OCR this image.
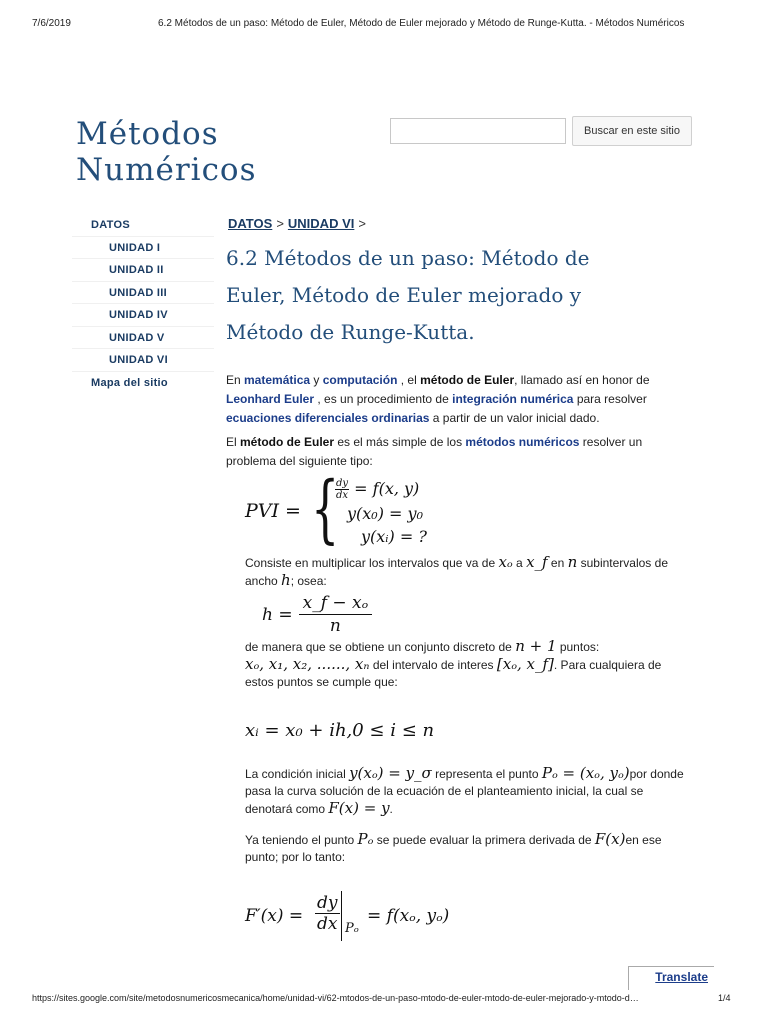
7/6/2019	6.2 Métodos de un paso: Método de Euler, Método de Euler mejorado y Método de Runge-Kutta. - Métodos Numéricos
Métodos
Numéricos
Buscar en este sitio
DATOS
UNIDAD I
UNIDAD II
UNIDAD III
UNIDAD IV
UNIDAD V
UNIDAD VI
Mapa del sitio
DATOS > UNIDAD VI >
6.2 Métodos de un paso: Método de Euler, Método de Euler mejorado y Método de Runge-Kutta.

En matemática y computación , el método de Euler, llamado así en honor de Leonhard Euler , es un procedimiento de integración numérica para resolver ecuaciones diferenciales ordinarias a partir de un valor inicial dado.

El método de Euler es el más simple de los métodos numéricos resolver un problema del siguiente tipo:

PVI = {
$\frac{dy}{dx} = f(x$, y)
y(x₀) = y₀
y(xᵢ) = ?

Consiste en multiplicar los intervalos que va de xₒ a x_f en n subintervalos de ancho h; osea:

$h = \frac{\text{x\_f − xₒ}}{n}$

de manera que se obtiene un conjunto discreto de n + 1 puntos:
xₒ, x₁, x₂, ......, xₙ del intervalo de interes [xₒ, x_f]. Para cualquiera de estos puntos se cumple que:

xᵢ = x₀ + ih,0 ≤ i ≤ n

La condición inicial y(xₒ) = y_σ representa el punto Pₒ = (xₒ, yₒ)por donde pasa la curva solución de la ecuación de el planteamiento inicial, la cual se denotará como F(x) = y.

Ya teniendo el punto Pₒ se puede evaluar la primera derivada de F(x)en ese punto; por lo tanto:

$F'(x) = \frac{dy}{dx}$ Pₒ
= f(xₒ, yₒ)
Translate
https://sites.google.com/site/metodosnumericosmecanica/home/unidad-vi/62-mtodos-de-un-paso-mtodo-de-euler-mtodo-de-euler-mejorado-y-mtodo-d…	1/4
